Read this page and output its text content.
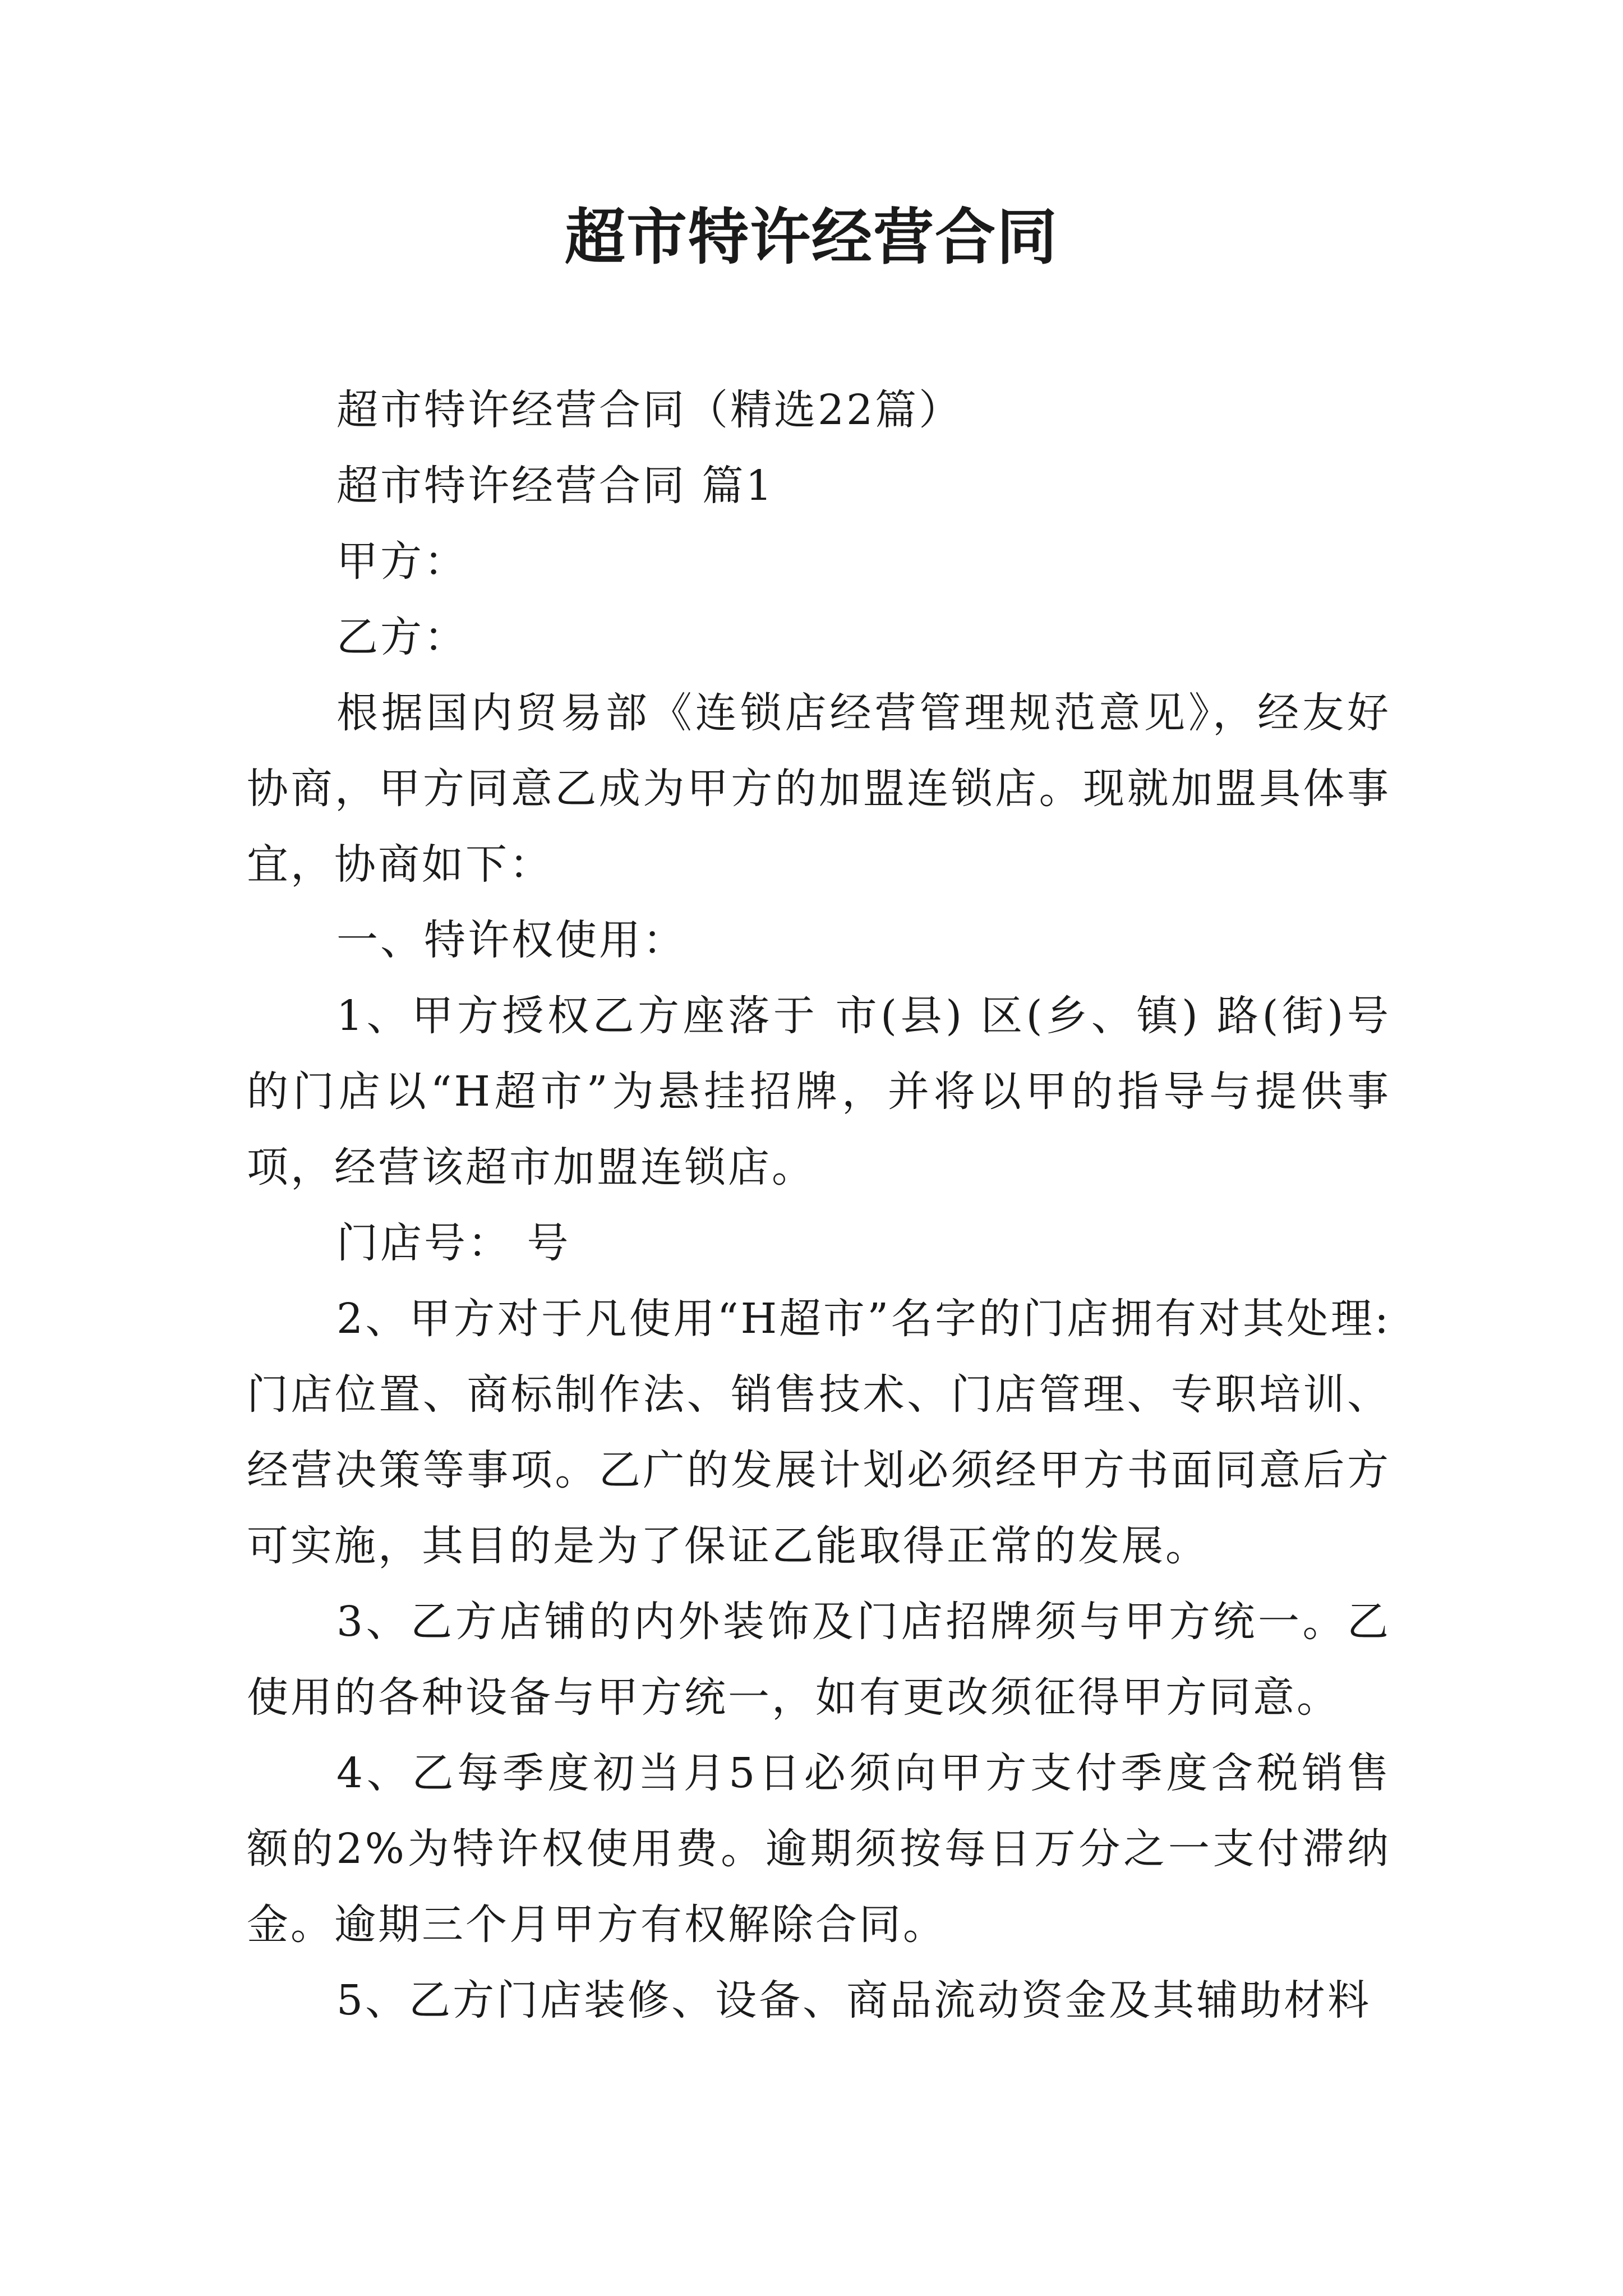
超市特许经营合同

超市特许经营合同（精选22篇）

超市特许经营合同 篇1

甲方：

乙方：

根据国内贸易部《连锁店经营管理规范意见》，经友好协商，甲方同意乙成为甲方的加盟连锁店。现就加盟具体事宜，协商如下：

一、特许权使用：

1、甲方授权乙方座落于 市(县) 区(乡、镇) 路(街)号的门店以“H超市”为悬挂招牌，并将以甲的指导与提供事项，经营该超市加盟连锁店。

门店号： 号

2、甲方对于凡使用“H超市”名字的门店拥有对其处理:门店位置、商标制作法、销售技术、门店管理、专职培训、经营决策等事项。乙广的发展计划必须经甲方书面同意后方可实施，其目的是为了保证乙能取得正常的发展。

3、乙方店铺的内外装饰及门店招牌须与甲方统一。乙使用的各种设备与甲方统一，如有更改须征得甲方同意。

4、乙每季度初当月5日必须向甲方支付季度含税销售额的2%为特许权使用费。逾期须按每日万分之一支付滞纳金。逾期三个月甲方有权解除合同。

5、乙方门店装修、设备、商品流动资金及其辅助材料
